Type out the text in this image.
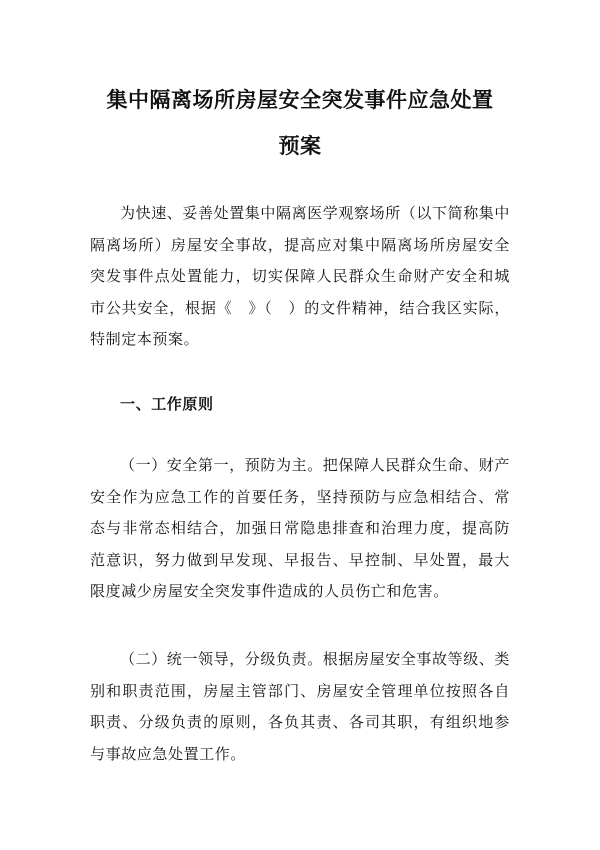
集中隔离场所房屋安全突发事件应急处置
预案

为快速、妥善处置集中隔离医学观察场所（以下简称集中隔离场所）房屋安全事故，提高应对集中隔离场所房屋安全突发事件点处置能力，切实保障人民群众生命财产安全和城市公共安全，根据《　》（　）的文件精神，结合我区实际，特制定本预案。

一、工作原则

（一）安全第一，预防为主。把保障人民群众生命、财产安全作为应急工作的首要任务，坚持预防与应急相结合、常态与非常态相结合，加强日常隐患排查和治理力度，提高防范意识，努力做到早发现、早报告、早控制、早处置，最大限度减少房屋安全突发事件造成的人员伤亡和危害。

（二）统一领导，分级负责。根据房屋安全事故等级、类别和职责范围，房屋主管部门、房屋安全管理单位按照各自职责、分级负责的原则，各负其责、各司其职，有组织地参与事故应急处置工作。
